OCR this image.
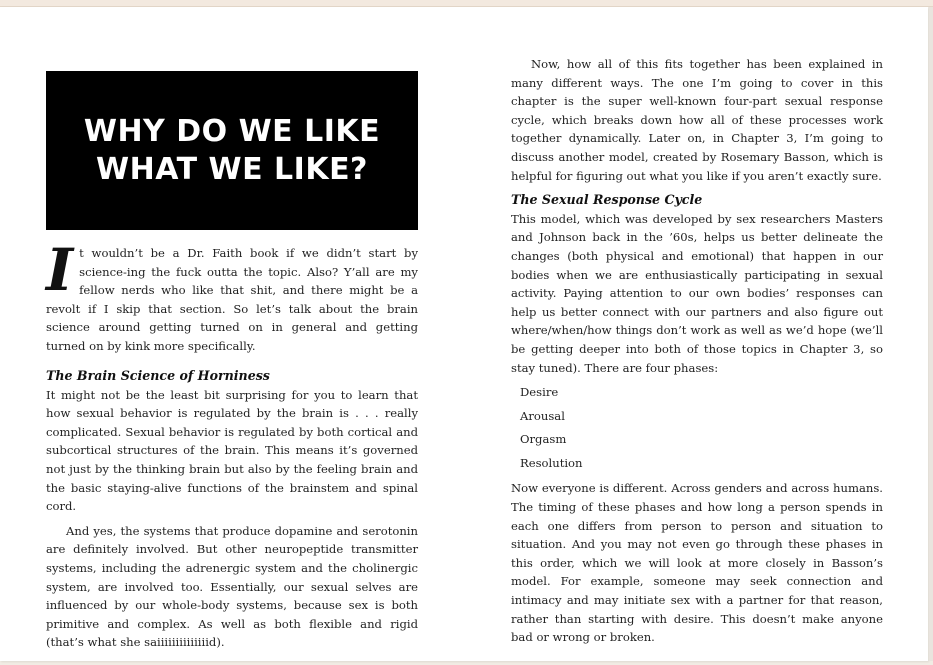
WHY DO WE LIKE WHAT WE LIKE?
It wouldn’t be a Dr. Faith book if we didn’t start by science-ing the fuck outta the topic. Also? Y’all are my fellow nerds who like that shit, and there might be a revolt if I skip that section. So let’s talk about the brain science around getting turned on in general and getting turned on by kink more specifically.
The Brain Science of Horniness

It might not be the least bit surprising for you to learn that how sexual behavior is regulated by the brain is . . . really complicated. Sexual behavior is regulated by both cortical and subcortical structures of the brain. This means it’s governed not just by the thinking brain but also by the feeling brain and the basic staying-alive functions of the brainstem and spinal cord.

And yes, the systems that produce dopamine and serotonin are definitely involved. But other neuropeptide transmitter systems, including the adrenergic system and the cholinergic system, are involved too. Essentially, our sexual selves are influenced by our whole-body systems, because sex is both primitive and complex. As well as both flexible and rigid (that’s what she saiiiiiiiiiiiiiid).

Now, how all of this fits together has been explained in many different ways. The one I’m going to cover in this chapter is the super well-known four-part sexual response cycle, which breaks down how all of these processes work together dynamically. Later on, in Chapter 3, I’m going to discuss another model, created by Rosemary Basson, which is helpful for figuring out what you like if you aren’t exactly sure.

The Sexual Response Cycle

This model, which was developed by sex researchers Masters and Johnson back in the ’60s, helps us better delineate the changes (both physical and emotional) that happen in our bodies when we are enthusiastically participating in sexual activity. Paying attention to our own bodies’ responses can help us better connect with our partners and also figure out where/when/how things don’t work as well as we’d hope (we’ll be getting deeper into both of those topics in Chapter 3, so stay tuned). There are four phases:

Desire
Arousal
Orgasm
Resolution

Now everyone is different. Across genders and across humans. The timing of these phases and how long a person spends in each one differs from person to person and situation to situation. And you may not even go through these phases in this order, which we will look at more closely in Basson’s model. For example, someone may seek connection and intimacy and may initiate sex with a partner for that reason, rather than starting with desire. This doesn’t make anyone bad or wrong or broken.
